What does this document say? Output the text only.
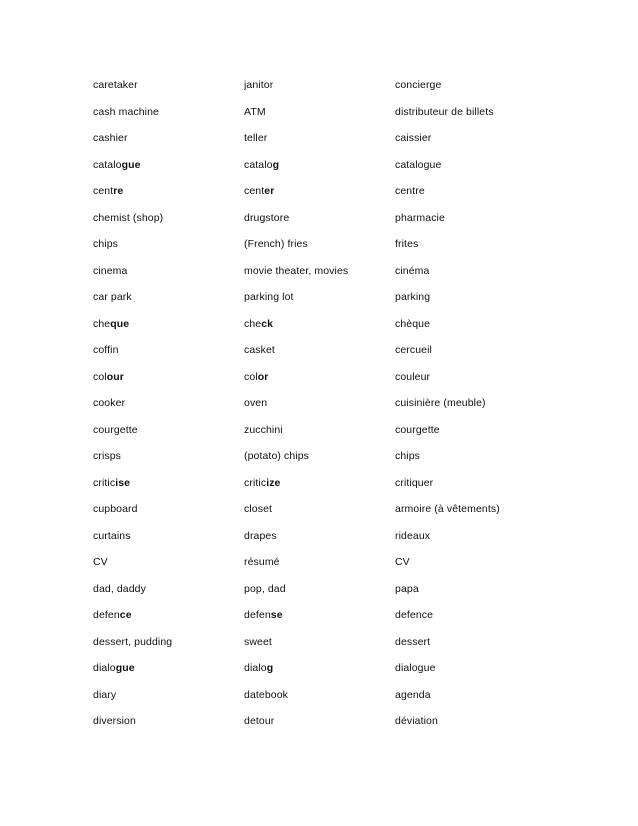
caretaker	janitor	concierge
cash machine	ATM	distributeur de billets
cashier	teller	caissier
catalogue	catalog	catalogue
centre	center	centre
chemist (shop)	drugstore	pharmacie
chips	(French) fries	frites
cinema	movie theater, movies	cinéma
car park	parking lot	parking
cheque	check	chèque
coffin	casket	cercueil
colour	color	couleur
cooker	oven	cuisinière (meuble)
courgette	zucchini	courgette
crisps	(potato) chips	chips
criticise	criticize	critiquer
cupboard	closet	armoire (à vêtements)
curtains	drapes	rideaux
CV	résumé	CV
dad, daddy	pop, dad	papa
defence	defense	defence
dessert, pudding	sweet	dessert
dialogue	dialog	dialogue
diary	datebook	agenda
diversion	detour	déviation
